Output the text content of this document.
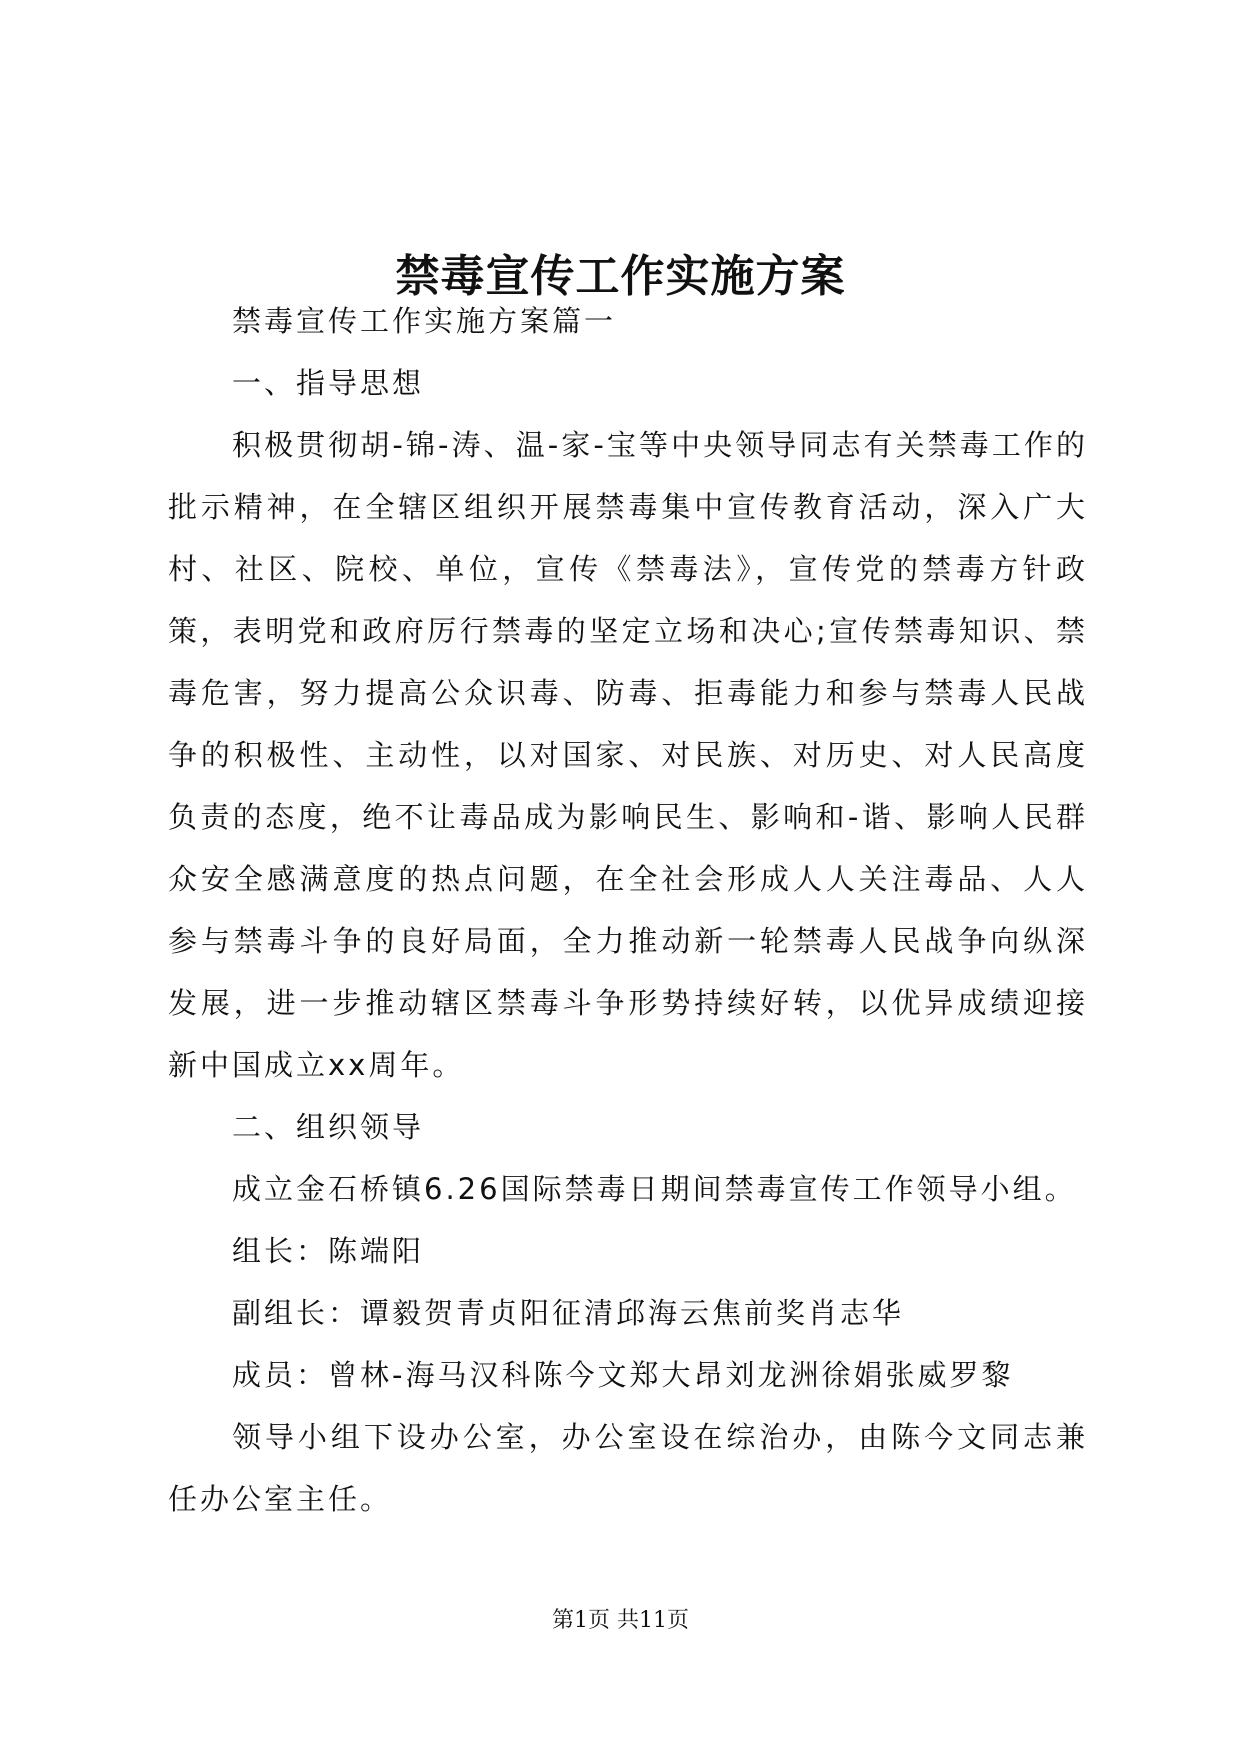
禁毒宣传工作实施方案

禁毒宣传工作实施方案篇一

一、指导思想

积极贯彻胡-锦-涛、温-家-宝等中央领导同志有关禁毒工作的批示精神，在全辖区组织开展禁毒集中宣传教育活动，深入广大村、社区、院校、单位，宣传《禁毒法》，宣传党的禁毒方针政策，表明党和政府厉行禁毒的坚定立场和决心;宣传禁毒知识、禁毒危害，努力提高公众识毒、防毒、拒毒能力和参与禁毒人民战争的积极性、主动性，以对国家、对民族、对历史、对人民高度负责的态度，绝不让毒品成为影响民生、影响和-谐、影响人民群众安全感满意度的热点问题，在全社会形成人人关注毒品、人人参与禁毒斗争的良好局面，全力推动新一轮禁毒人民战争向纵深发展，进一步推动辖区禁毒斗争形势持续好转，以优异成绩迎接新中国成立xx周年。

二、组织领导

成立金石桥镇6.26国际禁毒日期间禁毒宣传工作领导小组。

组长：陈端阳

副组长：谭毅贺青贞阳征清邱海云焦前奖肖志华

成员：曾林-海马汉科陈今文郑大昂刘龙洲徐娟张威罗黎

领导小组下设办公室，办公室设在综治办，由陈今文同志兼任办公室主任。

第1页 共11页
